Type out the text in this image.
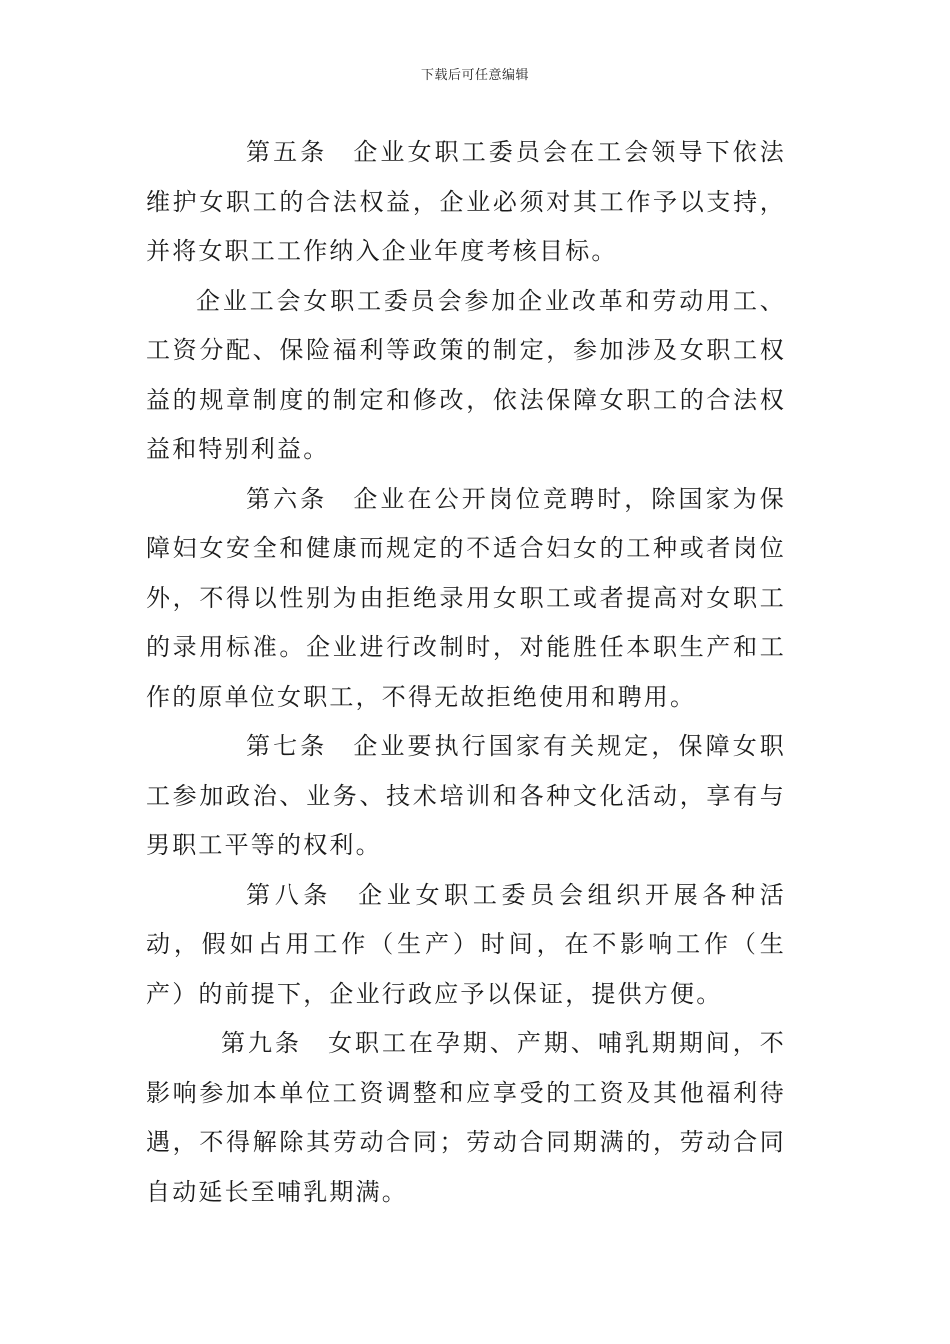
下载后可任意编辑

第五条 企业女职工委员会在工会领导下依法维护女职工的合法权益，企业必须对其工作予以支持，并将女职工工作纳入企业年度考核目标。

企业工会女职工委员会参加企业改革和劳动用工、工资分配、保险福利等政策的制定，参加涉及女职工权益的规章制度的制定和修改，依法保障女职工的合法权益和特别利益。

第六条 企业在公开岗位竞聘时，除国家为保障妇女安全和健康而规定的不适合妇女的工种或者岗位外，不得以性别为由拒绝录用女职工或者提高对女职工的录用标准。企业进行改制时，对能胜任本职生产和工作的原单位女职工，不得无故拒绝使用和聘用。

第七条 企业要执行国家有关规定，保障女职工参加政治、业务、技术培训和各种文化活动，享有与男职工平等的权利。

第八条 企业女职工委员会组织开展各种活动，假如占用工作（生产）时间，在不影响工作（生产）的前提下，企业行政应予以保证，提供方便。

第九条 女职工在孕期、产期、哺乳期期间，不影响参加本单位工资调整和应享受的工资及其他福利待遇，不得解除其劳动合同；劳动合同期满的，劳动合同自动延长至哺乳期满。
